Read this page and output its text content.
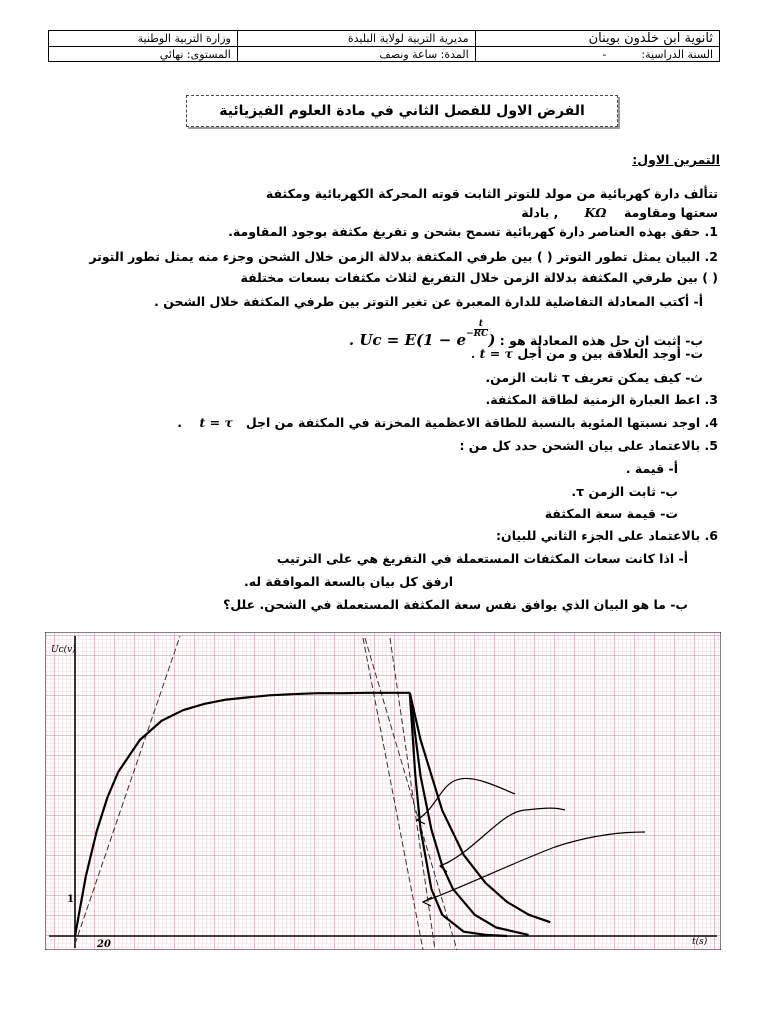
وزارة التربية الوطنية	مديرية التربية لولاية البليدة	ثانوية ابن خلدون بوينان
المستوى: نهائي	المدة: ساعة ونصف	السنة الدراسية:          -
الفرض الاول للفصل الثاني في مادة العلوم الفيزيائية
التمرين الاول:
تتألف دارة كهربائية من مولد للتوتر الثابت قوته المحركة الكهربائية ومكثفة
سعتها ومقاومة    KΩ      , بادلة
1. حقق بهذه العناصر دارة كهربائية تسمح بشحن و تفريغ مكثفة بوجود المقاومة.
2. البيان يمثل تطور التوتر ( ) بين طرفي المكثفة بدلالة الزمن خلال الشحن وجزء منه يمثل تطور التوتر
( ) بين طرفي المكثفة بدلالة الزمن خلال التفريغ لثلاث مكثفات بسعات مختلفة
أ- أكتب المعادلة التفاضلية للدارة المعبرة عن تغير التوتر بين طرفي المكثفة خلال الشحن .
ب- اثبت ان حل هذه المعادلة هو : . $Uc = E(1 - e^{- \frac{t}{RC}}$
)
ت- أوجد العلاقة بين و من أجل . t = τ
ث- كيف يمكن تعريف τ ثابت الزمن.
3. اعط العبارة الزمنية لطاقة المكثفة.
4. اوجد نسبتها المئوية بالنسبة للطاقة الاعظمية المخزنة في المكثفة من اجل   t = τ    .
5. بالاعتماد على بيان الشحن حدد كل من :
أ- قيمة .
ب- ثابت الزمن τ.
ت- قيمة سعة المكثفة
6. بالاعتماد على الجزء الثاني للبيان:
أ- اذا كانت سعات المكثفات المستعملة في التفريغ هي على الترتيب
ارفق كل بيان بالسعة الموافقة له.
ب- ما هو البيان الذي يوافق نفس سعة المكثفة المستعملة في الشحن. علل؟
Uc(v)
t(s)
20
1
